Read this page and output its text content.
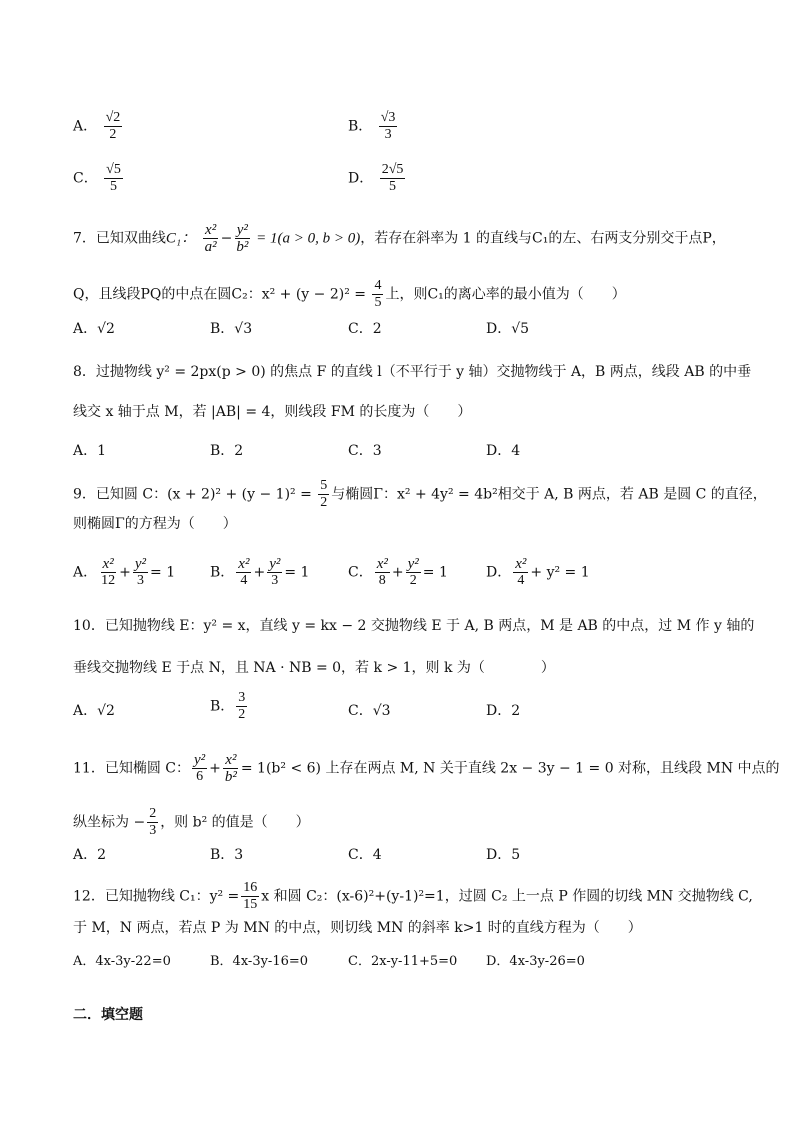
A． $\frac{√2}{2}$	B． $\frac{√3}{3}$
C． $\frac{√5}{5}$	D． $\frac{2√5}{5}$
7．已知双曲线C₁： $\frac{\text{x²}}{\text{a²}} - \frac{\text{y²}}{\text{b²}} = 1(a > 0$, b > 0)，若存在斜率为 1 的直线与C₁的左、右两支分别交于点P，
Q，且线段PQ的中点在圆C₂：$x^2 + (y - 2)^2 = \frac{4}{5}$ 上，则C₁的离心率的最小值为（　　）
A．√2	B．√3	C．2	D．√5
8．过抛物线 y² = 2px(p > 0) 的焦点 F 的直线 l（不平行于 y 轴）交抛物线于 A，B 两点，线段 AB 的中垂
线交 x 轴于点 M，若 |AB| = 4，则线段 FM 的长度为（　　）
A．1	B．2	C．3	D．4
9．已知圆 C：$(x + 2)^2 + (y - 1)^2 = \frac{5}{2}$ 与椭圆Γ：x² + 4y² = 4b²相交于 A, B 两点，若 AB 是圆 C 的直径，
则椭圆Γ的方程为（　　）
A． $\frac{\text{x²}}{12} + \frac{\text{y²}}{3} = 1$ B． $\frac{\text{x²}}{4} + \frac{\text{y²}}{3} = 1$	C． $\frac{\text{x²}}{8} + \frac{\text{y²}}{2} = 1$	D． $\frac{\text{x²}}{4} + y^2 = 1$
10．已知抛物线 E：y² = x，直线 y = kx − 2 交抛物线 E 于 A, B 两点，M 是 AB 的中点，过 M 作 y 轴的
垂线交抛物线 E 于点 N，且 NA · NB = 0，若 k > 1，则 k 为（　　　　）
A．√2	B． $\frac{3}{2}$	C．√3	D．2
11．已知椭圆 C： $\frac{\text{y²}}{6} + \frac{\text{x²}}{\text{b²}} = 1(b^2 < 6)$ 上存在两点 M, N 关于直线 2x − 3y − 1 = 0 对称，且线段 MN 中点的
纵坐标为 − $\frac{2}{3}$ ，则 b² 的值是（　　）
A．2	B．3	C．4	D．5
12．已知抛物线 C₁：$y^2 = \frac{16}{15}$ x 和圆 C₂：(x-6)²+(y-1)²=1，过圆 C₂ 上一点 P 作圆的切线 MN 交抛物线 C,
于 M，N 两点，若点 P 为 MN 的中点，则切线 MN 的斜率 k>1 时的直线方程为（　　）
A．4x-3y-22=0	B．4x-3y-16=0	C．2x-y-11+5=0 D．4x-3y-26=0
二．填空题
